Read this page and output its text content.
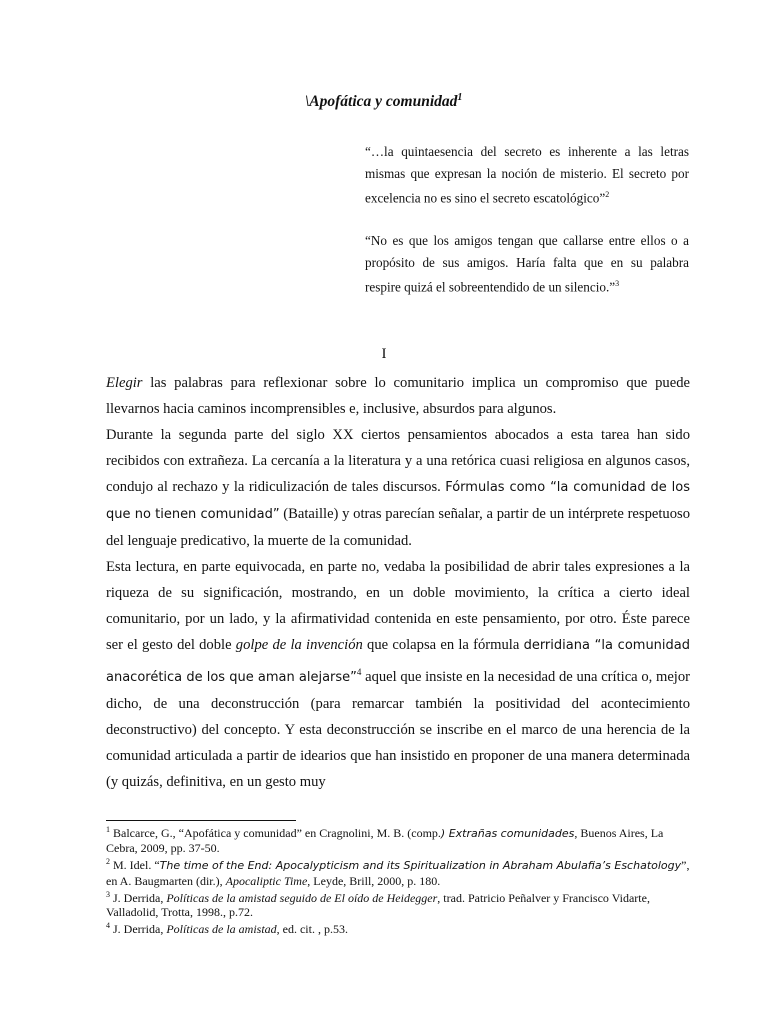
\Apofática y comunidad$^1$
“…la quintaesencia del secreto es inherente a las letras mismas que expresan la noción de misterio. El secreto por excelencia no es sino el secreto escatológico”$^2$
“No es que los amigos tengan que callarse entre ellos o a propósito de sus amigos. Haría falta que en su palabra respire quizá el sobreentendido de un silencio.”$^3$
I

Elegir las palabras para reflexionar sobre lo comunitario implica un compromiso que puede llevarnos hacia caminos incomprensibles e, inclusive, absurdos para algunos.

Durante la segunda parte del siglo XX ciertos pensamientos abocados a esta tarea han sido recibidos con extrañeza. La cercanía a la literatura y a una retórica cuasi religiosa en algunos casos, condujo al rechazo y la ridiculización de tales discursos. Fórmulas como “la comunidad de los que no tienen comunidad” (Bataille) y otras parecían señalar, a partir de un intérprete respetuoso del lenguaje predicativo, la muerte de la comunidad.

Esta lectura, en parte equivocada, en parte no, vedaba la posibilidad de abrir tales expresiones a la riqueza de su significación, mostrando, en un doble movimiento, la crítica a cierto ideal comunitario, por un lado, y la afirmatividad contenida en este pensamiento, por otro. Éste parece ser el gesto del doble golpe de la invención que colapsa en la fórmula derridiana “la comunidad anacorética de los que aman alejarse”$^4$ aquel que insiste en la necesidad de una crítica o, mejor dicho, de una deconstrucción (para remarcar también la positividad del acontecimiento deconstructivo) del concepto. Y esta deconstrucción se inscribe en el marco de una herencia de la comunidad articulada a partir de idearios que han insistido en proponer de una manera determinada (y quizás, definitiva, en un gesto muy

$^1$ Balcarce, G., “Apofática y comunidad” en Cragnolini, M. B. (comp.) Extrañas comunidades, Buenos Aires, La Cebra, 2009, pp. 37-50.

$^2$ M. Idel. “The time of the End: Apocalypticism and its Spiritualization in Abraham Abulafia’s Eschatology”, en A. Baugmarten (dir.), Apocaliptic Time, Leyde, Brill, 2000, p. 180.

$^3$ J. Derrida, Políticas de la amistad seguido de El oído de Heidegger, trad. Patricio Peñalver y Francisco Vidarte, Valladolid, Trotta, 1998., p.72.

$^4$ J. Derrida, Políticas de la amistad, ed. cit. , p.53.
